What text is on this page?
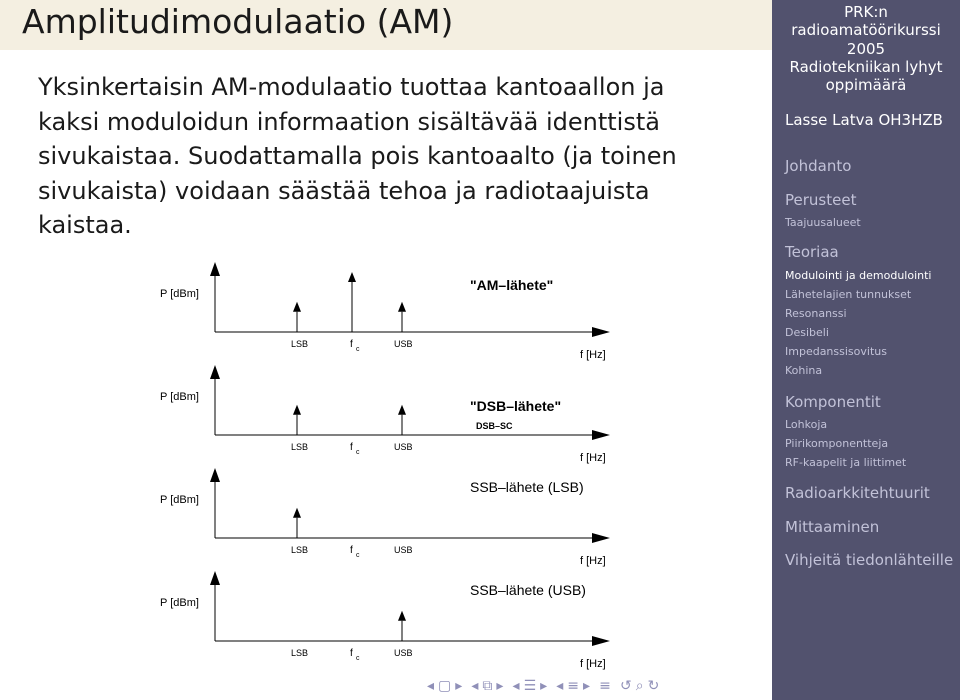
Amplitudimodulaatio (AM)
Yksinkertaisin AM-modulaatio tuottaa kantoaallon ja kaksi moduloidun informaation sisältävää identtistä sivukaistaa. Suodattamalla pois kantoaalto (ja toinen sivukaista) voidaan säästää tehoa ja radiotaajuista kaistaa.
PRK:n
radioamatöörikurssi
2005
Radiotekniikan lyhyt
oppimäärä
Lasse Latva OH3HZB
Johdanto
Perusteet
Taajuusalueet
Teoriaa
Modulointi ja demodulointi
Lähetelajien tunnukset
Resonanssi
Desibeli
Impedanssisovitus
Kohina
Komponentit
Lohkoja
Piirikomponentteja
RF-kaapelit ja liittimet
Radioarkkitehtuurit
Mittaaminen
Vihjeitä tiedonlähteille
P [dBm]
f [Hz]
LSB	f c
USB
"AM–lähete"
P [dBm]
f [Hz]
LSB	f c
USB
"DSB–lähete"
DSB–SC
P [dBm]
f [Hz]
LSB	f c
USB
SSB–lähete (LSB)
P [dBm]
f [Hz]
LSB	f c
USB
SSB–lähete (USB)
◂ ▢ ▸ ◂ ⧉ ▸ ◂ ☰ ▸ ◂ ≡ ▸ ≡ ↺ ⌕ ↻
